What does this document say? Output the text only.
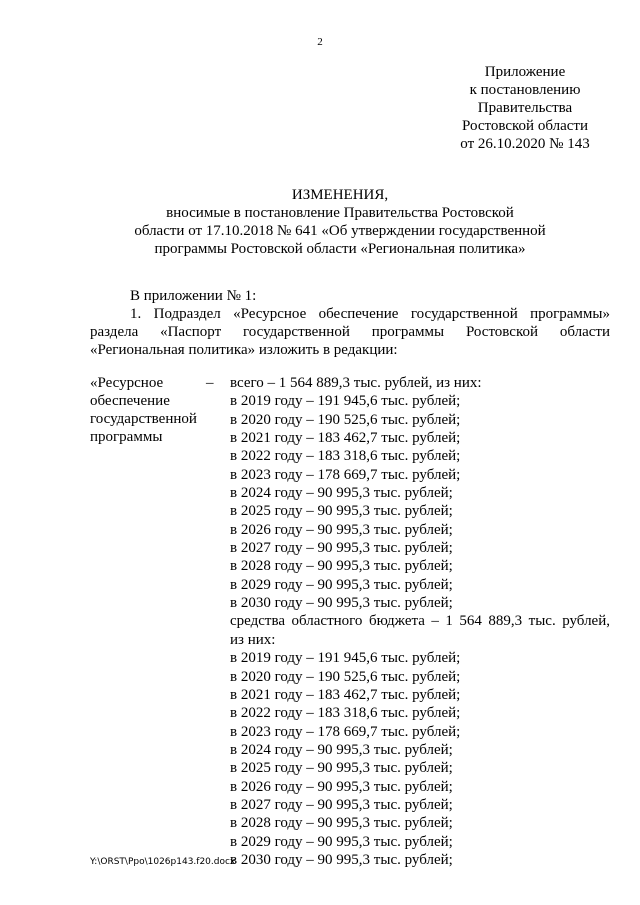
2
Приложение
к постановлению
Правительства
Ростовской области
от 26.10.2020 № 143
ИЗМЕНЕНИЯ,
вносимые в постановление Правительства Ростовской
области от 17.10.2018 № 641 «Об утверждении государственной
программы Ростовской области «Региональная политика»
В приложении № 1:
1. Подраздел «Ресурсное обеспечение государственной программы»
раздела «Паспорт государственной программы Ростовской области
«Региональная политика» изложить в редакции:
«Ресурсное
обеспечение
государственной
программы
– всего – 1 564 889,3 тыс. рублей, из них:
в 2019 году – 191 945,6 тыс. рублей;
в 2020 году – 190 525,6 тыс. рублей;
в 2021 году – 183 462,7 тыс. рублей;
в 2022 году – 183 318,6 тыс. рублей;
в 2023 году – 178 669,7 тыс. рублей;
в 2024 году – 90 995,3 тыс. рублей;
в 2025 году – 90 995,3 тыс. рублей;
в 2026 году – 90 995,3 тыс. рублей;
в 2027 году – 90 995,3 тыс. рублей;
в 2028 году – 90 995,3 тыс. рублей;
в 2029 году – 90 995,3 тыс. рублей;
в 2030 году – 90 995,3 тыс. рублей;
средства областного бюджета – 1 564 889,3 тыс. рублей,
из них:
в 2019 году – 191 945,6 тыс. рублей;
в 2020 году – 190 525,6 тыс. рублей;
в 2021 году – 183 462,7 тыс. рублей;
в 2022 году – 183 318,6 тыс. рублей;
в 2023 году – 178 669,7 тыс. рублей;
в 2024 году – 90 995,3 тыс. рублей;
в 2025 году – 90 995,3 тыс. рублей;
в 2026 году – 90 995,3 тыс. рублей;
в 2027 году – 90 995,3 тыс. рублей;
в 2028 году – 90 995,3 тыс. рублей;
в 2029 году – 90 995,3 тыс. рублей;
в 2030 году – 90 995,3 тыс. рублей;
Y:\ORST\Ppo\1026p143.f20.docx
